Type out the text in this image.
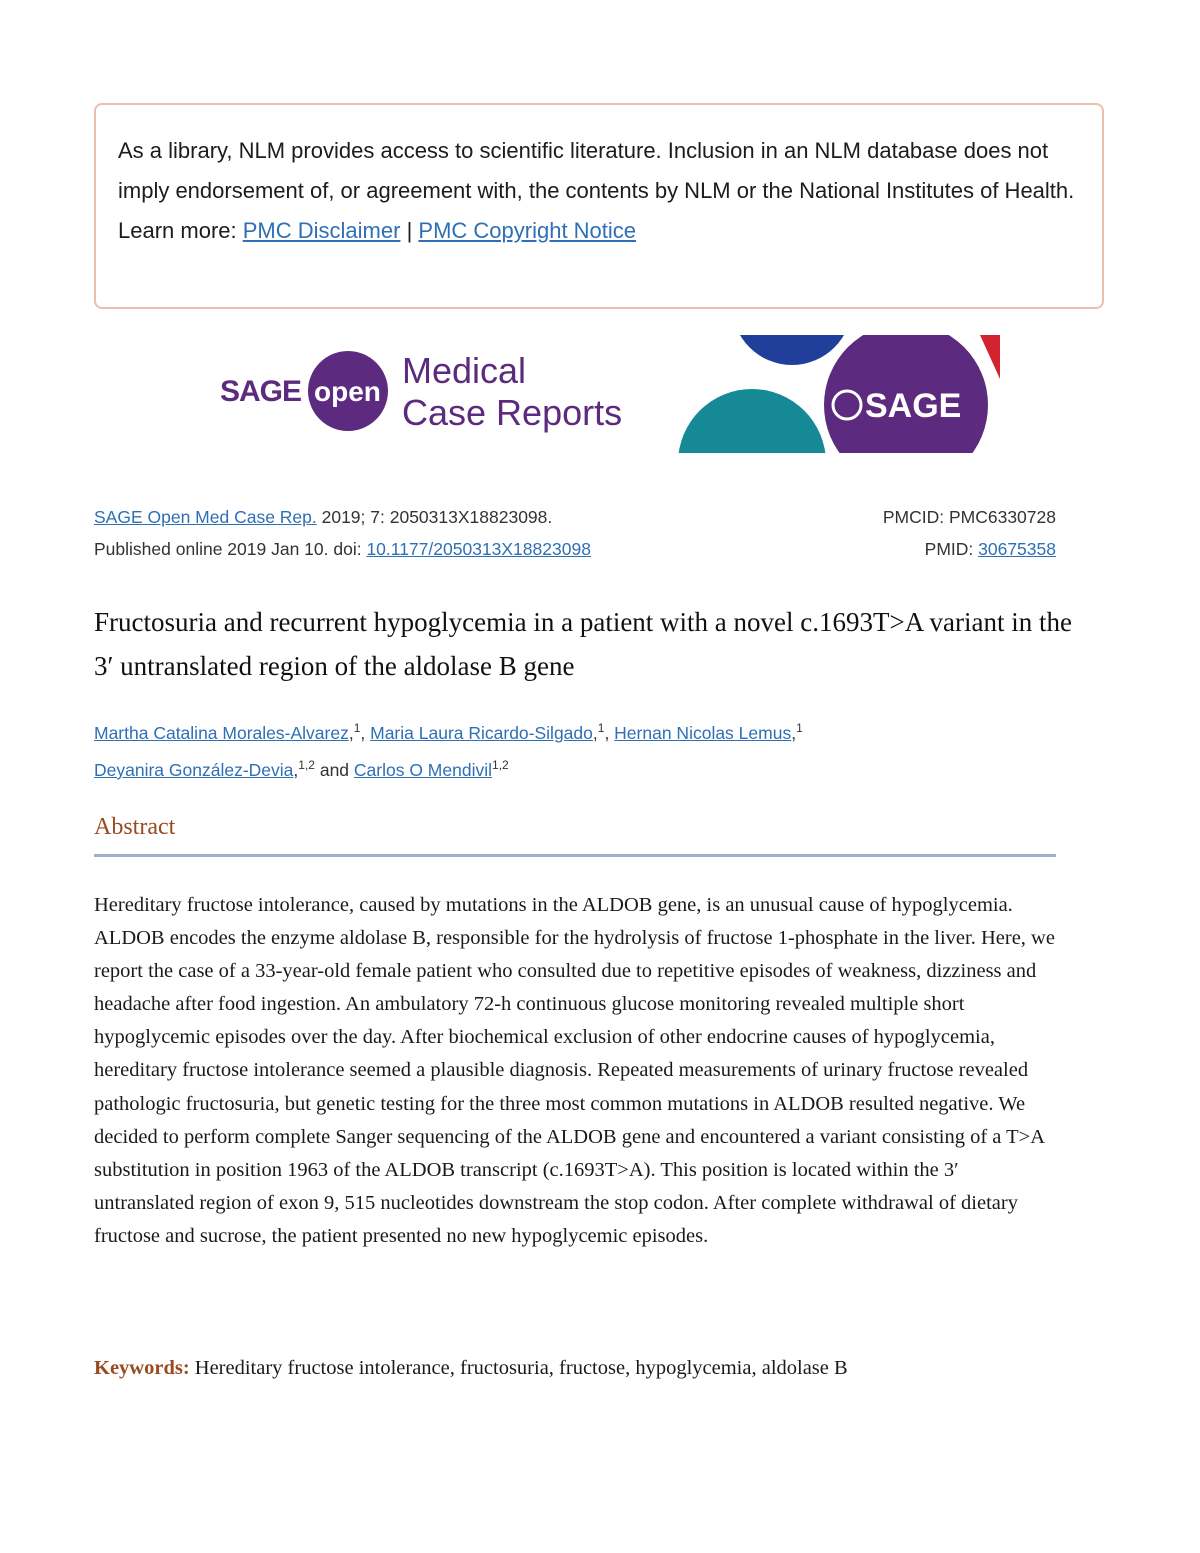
As a library, NLM provides access to scientific literature. Inclusion in an NLM database does not imply endorsement of, or agreement with, the contents by NLM or the National Institutes of Health.

Learn more: PMC Disclaimer | PMC Copyright Notice

SAGE open
Medical
Case Reports	SAGE
SAGE Open Med Case Rep. 2019; 7: 2050313X18823098.	PMCID: PMC6330728
Published online 2019 Jan 10. doi: 10.1177/2050313X18823098	PMID: 30675358
Fructosuria and recurrent hypoglycemia in a patient with a novel c.1693T>A variant in the 3′ untranslated region of the aldolase B gene
Martha Catalina Morales-Alvarez,$^1$, Maria Laura Ricardo-Silgado,$^1$, Hernan Nicolas Lemus,$^1$
Deyanira González-Devia,$^{1,2}$ and Carlos O Mendivil$^{1,2}$
Abstract

Hereditary fructose intolerance, caused by mutations in the ALDOB gene, is an unusual cause of hypoglycemia. ALDOB encodes the enzyme aldolase B, responsible for the hydrolysis of fructose 1-phosphate in the liver. Here, we report the case of a 33-year-old female patient who consulted due to repetitive episodes of weakness, dizziness and headache after food ingestion. An ambulatory 72-h continuous glucose monitoring revealed multiple short hypoglycemic episodes over the day. After biochemical exclusion of other endocrine causes of hypoglycemia, hereditary fructose intolerance seemed a plausible diagnosis. Repeated measurements of urinary fructose revealed pathologic fructosuria, but genetic testing for the three most common mutations in ALDOB resulted negative. We decided to perform complete Sanger sequencing of the ALDOB gene and encountered a variant consisting of a T>A substitution in position 1963 of the ALDOB transcript (c.1693T>A). This position is located within the 3′ untranslated region of exon 9, 515 nucleotides downstream the stop codon. After complete withdrawal of dietary fructose and sucrose, the patient presented no new hypoglycemic episodes.

Keywords: Hereditary fructose intolerance, fructosuria, fructose, hypoglycemia, aldolase B
